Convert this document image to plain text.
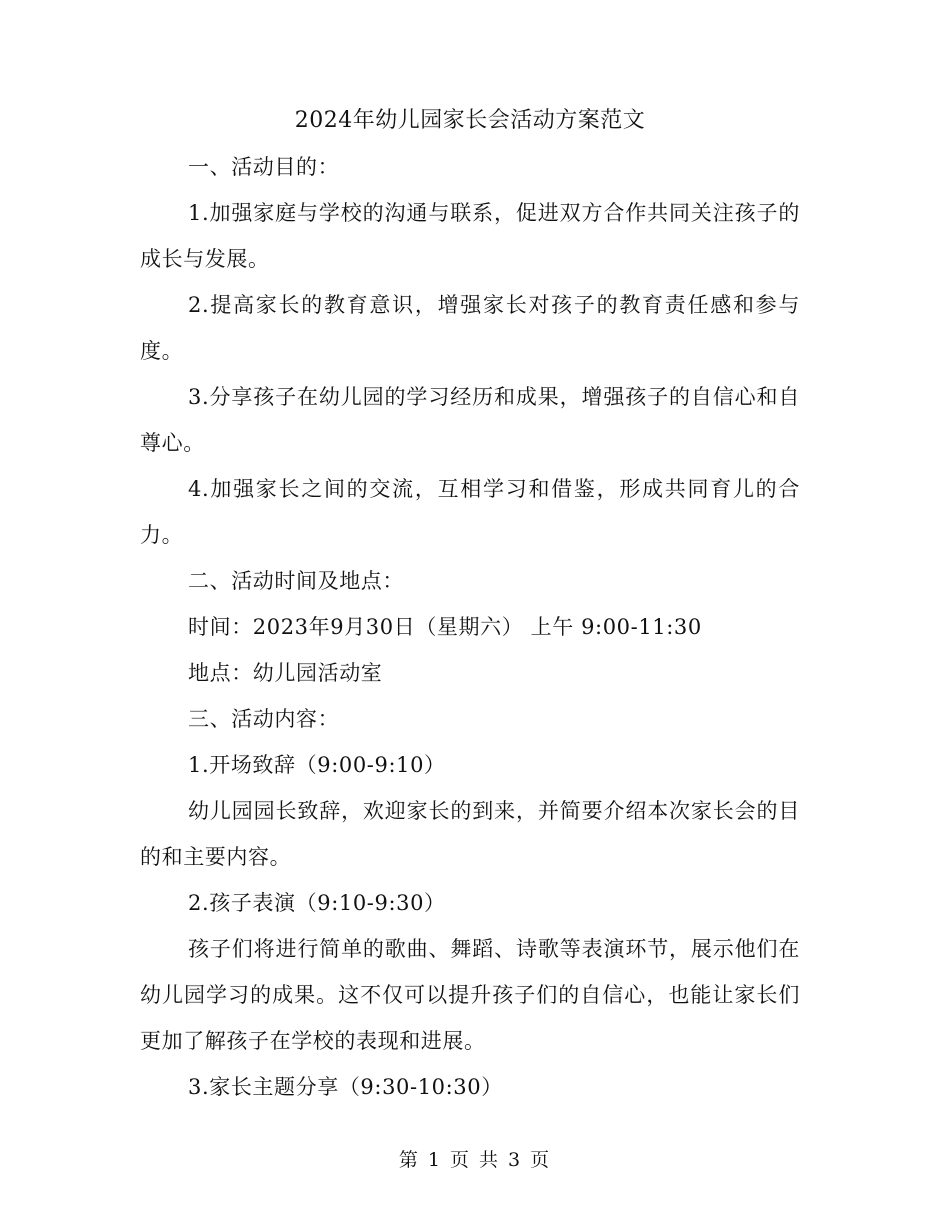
2024年幼儿园家长会活动方案范文

一、活动目的：

1.加强家庭与学校的沟通与联系，促进双方合作共同关注孩子的成长与发展。

2.提高家长的教育意识，增强家长对孩子的教育责任感和参与度。

3.分享孩子在幼儿园的学习经历和成果，增强孩子的自信心和自尊心。

4.加强家长之间的交流，互相学习和借鉴，形成共同育儿的合力。

二、活动时间及地点：

时间：2023年9月30日（星期六） 上午 9:00-11:30

地点：幼儿园活动室

三、活动内容：

1.开场致辞（9:00-9:10）

幼儿园园长致辞，欢迎家长的到来，并简要介绍本次家长会的目的和主要内容。

2.孩子表演（9:10-9:30）

孩子们将进行简单的歌曲、舞蹈、诗歌等表演环节，展示他们在幼儿园学习的成果。这不仅可以提升孩子们的自信心，也能让家长们更加了解孩子在学校的表现和进展。

3.家长主题分享（9:30-10:30）

第 1 页 共 3 页
